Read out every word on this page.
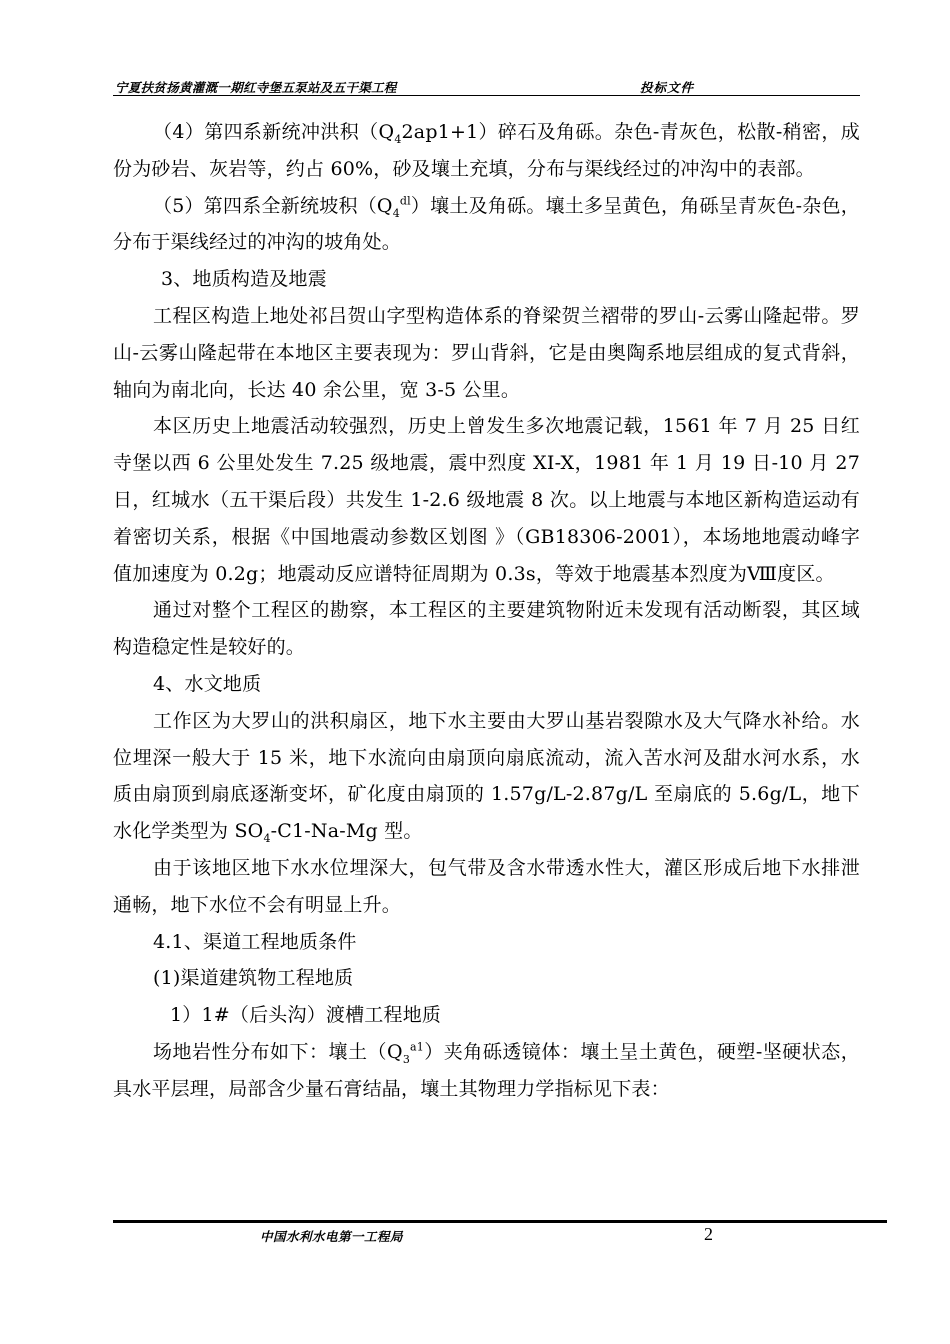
宁夏扶贫扬黄灌溉一期红寺堡五泵站及五干渠工程	投标文件

（4）第四系新统冲洪积$(Q_42ap1+1)$碎石及角砾。杂色-青灰色，松散-稍密，成份为砂岩、灰岩等，约占 60%，砂及壤土充填，分布与渠线经过的冲沟中的表部。

（5）第四系全新统坡积$(Q_4^{dl})$壤土及角砾。壤土多呈黄色，角砾呈青灰色-杂色，分布于渠线经过的冲沟的坡角处。

3、地质构造及地震

工程区构造上地处祁吕贺山字型构造体系的脊梁贺兰褶带的罗山-云雾山隆起带。罗山-云雾山隆起带在本地区主要表现为：罗山背斜，它是由奥陶系地层组成的复式背斜，轴向为南北向，长达 40 余公里，宽 3-5 公里。

本区历史上地震活动较强烈，历史上曾发生多次地震记载，1561 年 7 月 25 日红寺堡以西 6 公里处发生 7.25 级地震，震中烈度 XI-X，1981 年 1 月 19 日-10 月 27 日，红城水（五干渠后段）共发生 1-2.6 级地震 8 次。以上地震与本地区新构造运动有着密切关系，根据《中国地震动参数区划图 》（GB18306-2001），本场地地震动峰字值加速度为 0.2g；地震动反应谱特征周期为 0.3s，等效于地震基本烈度为Ⅷ度区。

通过对整个工程区的勘察，本工程区的主要建筑物附近未发现有活动断裂，其区域构造稳定性是较好的。

4、水文地质

工作区为大罗山的洪积扇区，地下水主要由大罗山基岩裂隙水及大气降水补给。水位埋深一般大于 15 米，地下水流向由扇顶向扇底流动，流入苦水河及甜水河水系，水质由扇顶到扇底逐渐变坏，矿化度由扇顶的 1.57g/L-2.87g/L 至扇底的 5.6g/L，地下水化学类型为 $SO_4-C1-Na-Mg$ 型。

由于该地区地下水水位埋深大，包气带及含水带透水性大，灌区形成后地下水排泄通畅，地下水位不会有明显上升。

4.1、渠道工程地质条件

(1)渠道建筑物工程地质

1）1#（后头沟）渡槽工程地质

场地岩性分布如下：壤土$(Q_3^{a1})$夹角砾透镜体：壤土呈土黄色，硬塑-坚硬状态，具水平层理，局部含少量石膏结晶，壤土其物理力学指标见下表：

中国水利水电第一工程局	2
